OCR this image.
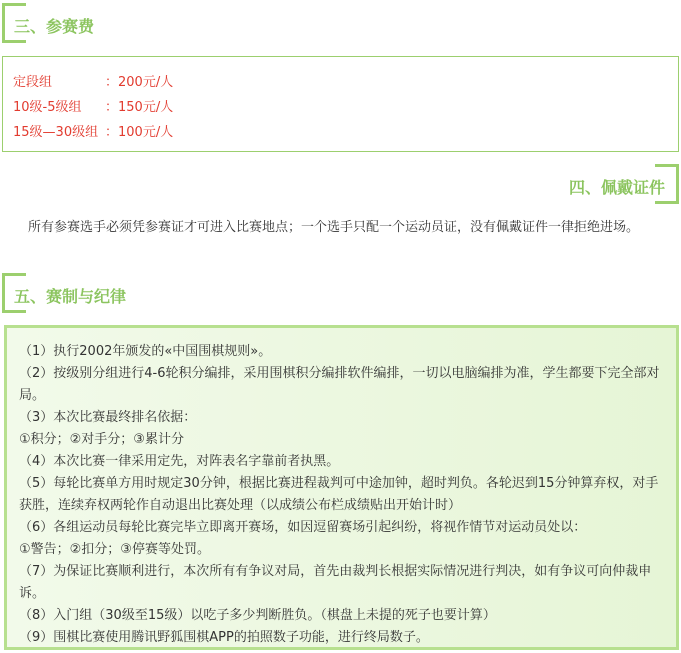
三、参赛费
定段组	：200元/人
10级-5级组 ：150元/人
15级—30级组 ：100元/人
四、佩戴证件

所有参赛选手必须凭参赛证才可进入比赛地点；一个选手只配一个运动员证，没有佩戴证件一律拒绝进场。

五、赛制与纪律
（1）执行2002年颁发的«中国围棋规则»。
（2）按级别分组进行4-6轮积分编排，采用围棋积分编排软件编排，一切以电脑编排为准，学生都要下完全部对局。
（3）本次比赛最终排名依据：
①积分；②对手分；③累计分
（4）本次比赛一律采用定先，对阵表名字靠前者执黑。
（5）每轮比赛单方用时规定30分钟，根据比赛进程裁判可中途加钟，超时判负。各轮迟到15分钟算弃权，对手获胜，连续弃权两轮作自动退出比赛处理（以成绩公布栏成绩贴出开始计时）
（6）各组运动员每轮比赛完毕立即离开赛场，如因逗留赛场引起纠纷，将视作情节对运动员处以：
①警告；②扣分；③停赛等处罚。
（7）为保证比赛顺利进行，本次所有有争议对局，首先由裁判长根据实际情况进行判决，如有争议可向仲裁申诉。
（8）入门组（30级至15级）以吃子多少判断胜负。（棋盘上未提的死子也要计算）
（9）围棋比赛使用腾讯野狐围棋APP的拍照数子功能，进行终局数子。
